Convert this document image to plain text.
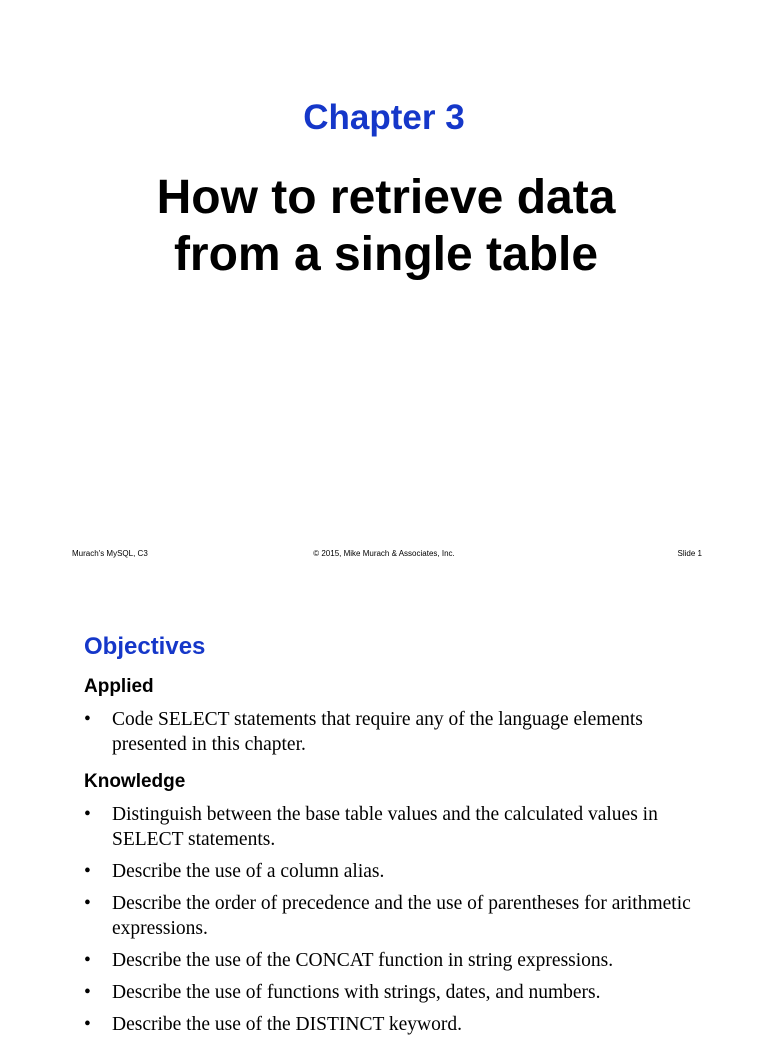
Chapter 3
How to retrieve data
from a single table
Murach's MySQL, C3	© 2015, Mike Murach & Associates, Inc.	Slide 1
Objectives
Applied
• Code SELECT statements that require any of the language elements presented in this chapter.
Knowledge
• Distinguish between the base table values and the calculated values in SELECT statements.
• Describe the use of a column alias.
• Describe the order of precedence and the use of parentheses for arithmetic expressions.
• Describe the use of the CONCAT function in string expressions.
• Describe the use of functions with strings, dates, and numbers.
• Describe the use of the DISTINCT keyword.
